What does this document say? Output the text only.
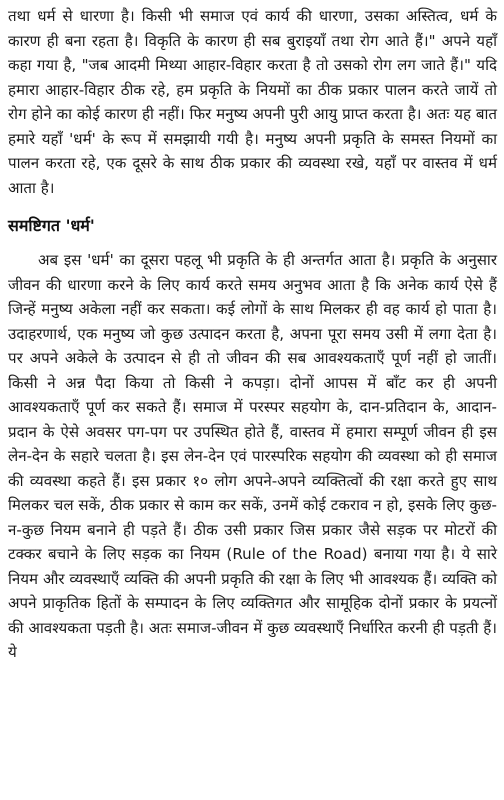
तथा धर्म से धारणा है। किसी भी समाज एवं कार्य की धारणा, उसका अस्तित्व, धर्म के कारण ही बना रहता है। विकृति के कारण ही सब बुराइयाँ तथा रोग आते हैं।" अपने यहाँ कहा गया है, "जब आदमी मिथ्या आहार-विहार करता है तो उसको रोग लग जाते हैं।" यदि हमारा आहार-विहार ठीक रहे, हम प्रकृति के नियमों का ठीक प्रकार पालन करते जायें तो रोग होने का कोई कारण ही नहीं। फिर मनुष्य अपनी पुरी आयु प्राप्त करता है। अतः यह बात हमारे यहाँ 'धर्म' के रूप में समझायी गयी है। मनुष्य अपनी प्रकृति के समस्त नियमों का पालन करता रहे, एक दूसरे के साथ ठीक प्रकार की व्यवस्था रखे, यहाँ पर वास्तव में धर्म आता है।

समष्टिगत 'धर्म'

अब इस 'धर्म' का दूसरा पहलू भी प्रकृति के ही अन्तर्गत आता है। प्रकृति के अनुसार जीवन की धारणा करने के लिए कार्य करते समय अनुभव आता है कि अनेक कार्य ऐसे हैं जिन्हें मनुष्य अकेला नहीं कर सकता। कई लोगों के साथ मिलकर ही वह कार्य हो पाता है। उदाहरणार्थ, एक मनुष्य जो कुछ उत्पादन करता है, अपना पूरा समय उसी में लगा देता है। पर अपने अकेले के उत्पादन से ही तो जीवन की सब आवश्यकताएँ पूर्ण नहीं हो जातीं। किसी ने अन्न पैदा किया तो किसी ने कपड़ा। दोनों आपस में बाँट कर ही अपनी आवश्यकताएँ पूर्ण कर सकते हैं। समाज में परस्पर सहयोग के, दान-प्रतिदान के, आदान-प्रदान के ऐसे अवसर पग-पग पर उपस्थित होते हैं, वास्तव में हमारा सम्पूर्ण जीवन ही इस लेन-देन के सहारे चलता है। इस लेन-देन एवं पारस्परिक सहयोग की व्यवस्था को ही समाज की व्यवस्था कहते हैं। इस प्रकार १० लोग अपने-अपने व्यक्तित्वों की रक्षा करते हुए साथ मिलकर चल सकें, ठीक प्रकार से काम कर सकें, उनमें कोई टकराव न हो, इसके लिए कुछ-न-कुछ नियम बनाने ही पड़ते हैं। ठीक उसी प्रकार जिस प्रकार जैसे सड़क पर मोटरों की टक्कर बचाने के लिए सड़क का नियम (Rule of the Road) बनाया गया है। ये सारे नियम और व्यवस्थाएँ व्यक्ति की अपनी प्रकृति की रक्षा के लिए भी आवश्यक हैं। व्यक्ति को अपने प्राकृतिक हितों के सम्पादन के लिए व्यक्तिगत और सामूहिक दोनों प्रकार के प्रयत्नों की आवश्यकता पड़ती है। अतः समाज-जीवन में कुछ व्यवस्थाएँ निर्धारित करनी ही पड़ती हैं। ये
